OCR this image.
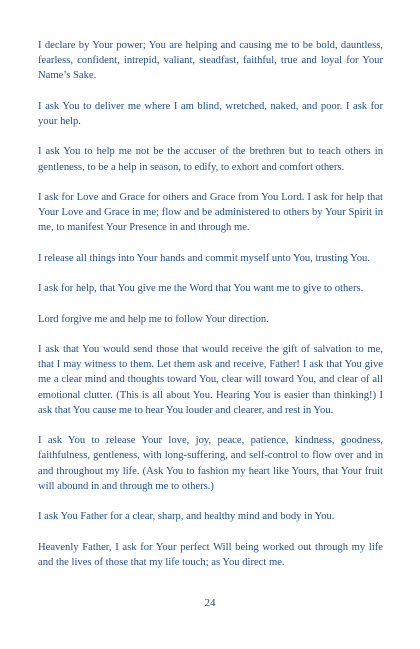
I declare by Your power; You are helping and causing me to be bold, dauntless, fearless, confident, intrepid, valiant, steadfast, faithful, true and loyal for Your Name’s Sake.

I ask You to deliver me where I am blind, wretched, naked, and poor. I ask for your help.

I ask You to help me not be the accuser of the brethren but to teach others in gentleness, to be a help in season, to edify, to exhort and comfort others.

I ask for Love and Grace for others and Grace from You Lord. I ask for help that Your Love and Grace in me; flow and be administered to others by Your Spirit in me, to manifest Your Presence in and through me.

I release all things into Your hands and commit myself unto You, trusting You.

I ask for help, that You give me the Word that You want me to give to others.

Lord forgive me and help me to follow Your direction.

I ask that You would send those that would receive the gift of salvation to me, that I may witness to them. Let them ask and receive, Father! I ask that You give me a clear mind and thoughts toward You, clear will toward You, and clear of all emotional clutter. (This is all about You. Hearing You is easier than thinking!) I ask that You cause me to hear You louder and clearer, and rest in You.

I ask You to release Your love, joy, peace, patience, kindness, goodness, faithfulness, gentleness, with long-suffering, and self-control to flow over and in and throughout my life. (Ask You to fashion my heart like Yours, that Your fruit will abound in and through me to others.)

I ask You Father for a clear, sharp, and healthy mind and body in You.

Heavenly Father, I ask for Your perfect Will being worked out through my life and the lives of those that my life touch; as You direct me.

24
